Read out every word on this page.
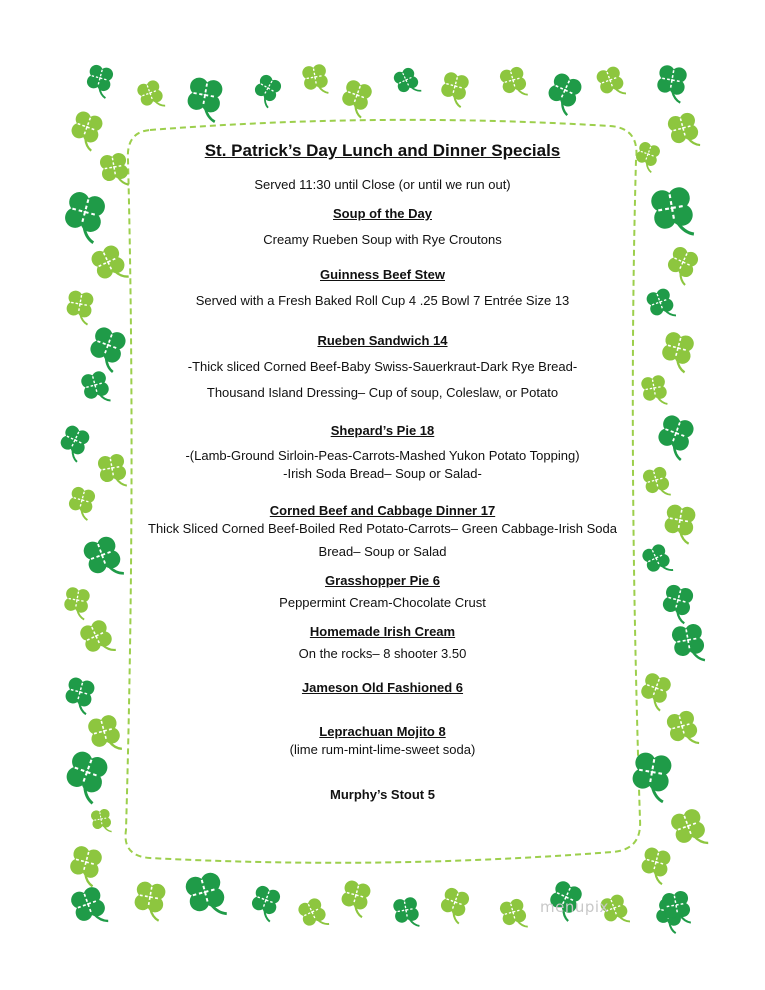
St. Patrick’s Day Lunch and Dinner Specials
Served 11:30 until Close (or until we run out)
Soup of the Day
Creamy Rueben Soup with Rye Croutons
Guinness Beef Stew
Served with a Fresh Baked Roll Cup 4 .25 Bowl 7 Entrée Size 13
Rueben Sandwich 14
-Thick sliced Corned Beef-Baby Swiss-Sauerkraut-Dark Rye Bread-
Thousand Island Dressing– Cup of soup, Coleslaw, or Potato
Shepard’s Pie 18
-(Lamb-Ground Sirloin-Peas-Carrots-Mashed Yukon Potato Topping)
-Irish Soda Bread– Soup or Salad-
Corned Beef and Cabbage Dinner 17
Thick Sliced Corned Beef-Boiled Red Potato-Carrots– Green Cabbage-Irish Soda
Bread– Soup or Salad
Grasshopper Pie 6
Peppermint Cream-Chocolate Crust
Homemade Irish Cream
On the rocks– 8 shooter 3.50
Jameson Old Fashioned 6
Leprachuan Mojito 8
(lime rum-mint-lime-sweet soda)
Murphy’s Stout 5
menupix
